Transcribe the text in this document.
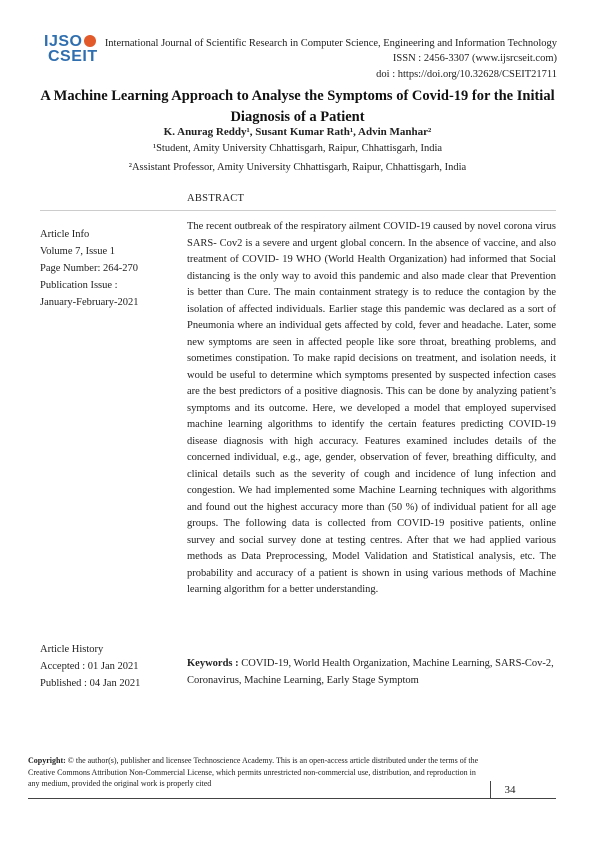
IJSO
CSEIT
International Journal of Scientific Research in Computer Science, Engineering and Information Technology
ISSN : 2456-3307 (www.ijsrcseit.com)
doi : https://doi.org/10.32628/CSEIT21711
A Machine Learning Approach to Analyse the Symptoms of Covid-19 for the Initial Diagnosis of a Patient
K. Anurag Reddy¹, Susant Kumar Rath¹, Advin Manhar²
¹Student, Amity University Chhattisgarh, Raipur, Chhattisgarh, India
²Assistant Professor, Amity University Chhattisgarh, Raipur, Chhattisgarh, India
ABSTRACT
Article Info
Volume 7, Issue 1
Page Number: 264-270
Publication Issue :
January-February-2021
The recent outbreak of the respiratory ailment COVID-19 caused by novel corona virus SARS- Cov2 is a severe and urgent global concern. In the absence of vaccine, and also treatment of COVID- 19 WHO (World Health Organization) had informed that Social distancing is the only way to avoid this pandemic and also made clear that Prevention is better than Cure. The main containment strategy is to reduce the contagion by the isolation of affected individuals. Earlier stage this pandemic was declared as a sort of Pneumonia where an individual gets affected by cold, fever and headache. Later, some new symptoms are seen in affected people like sore throat, breathing problems, and sometimes constipation. To make rapid decisions on treatment, and isolation needs, it would be useful to determine which symptoms presented by suspected infection cases are the best predictors of a positive diagnosis. This can be done by analyzing patient’s symptoms and its outcome. Here, we developed a model that employed supervised machine learning algorithms to identify the certain features predicting COVID-19 disease diagnosis with high accuracy. Features examined includes details of the concerned individual, e.g., age, gender, observation of fever, breathing difficulty, and clinical details such as the severity of cough and incidence of lung infection and congestion. We had implemented some Machine Learning techniques with algorithms and found out the highest accuracy more than (50 %) of individual patient for all age groups. The following data is collected from COVID-19 positive patients, online survey and social survey done at testing centres. After that we had applied various methods as Data Preprocessing, Model Validation and Statistical analysis, etc. The probability and accuracy of a patient is shown in using various methods of Machine learning algorithm for a better understanding.
Article History
Accepted : 01 Jan 2021
Published : 04 Jan 2021
Keywords : COVID-19, World Health Organization, Machine Learning, SARS-Cov-2, Coronavirus, Machine Learning, Early Stage Symptom
Copyright: © the author(s), publisher and licensee Technoscience Academy. This is an open-access article distributed under the terms of the Creative Commons Attribution Non-Commercial License, which permits unrestricted non-commercial use, distribution, and reproduction in any medium, provided the original work is properly cited
34
